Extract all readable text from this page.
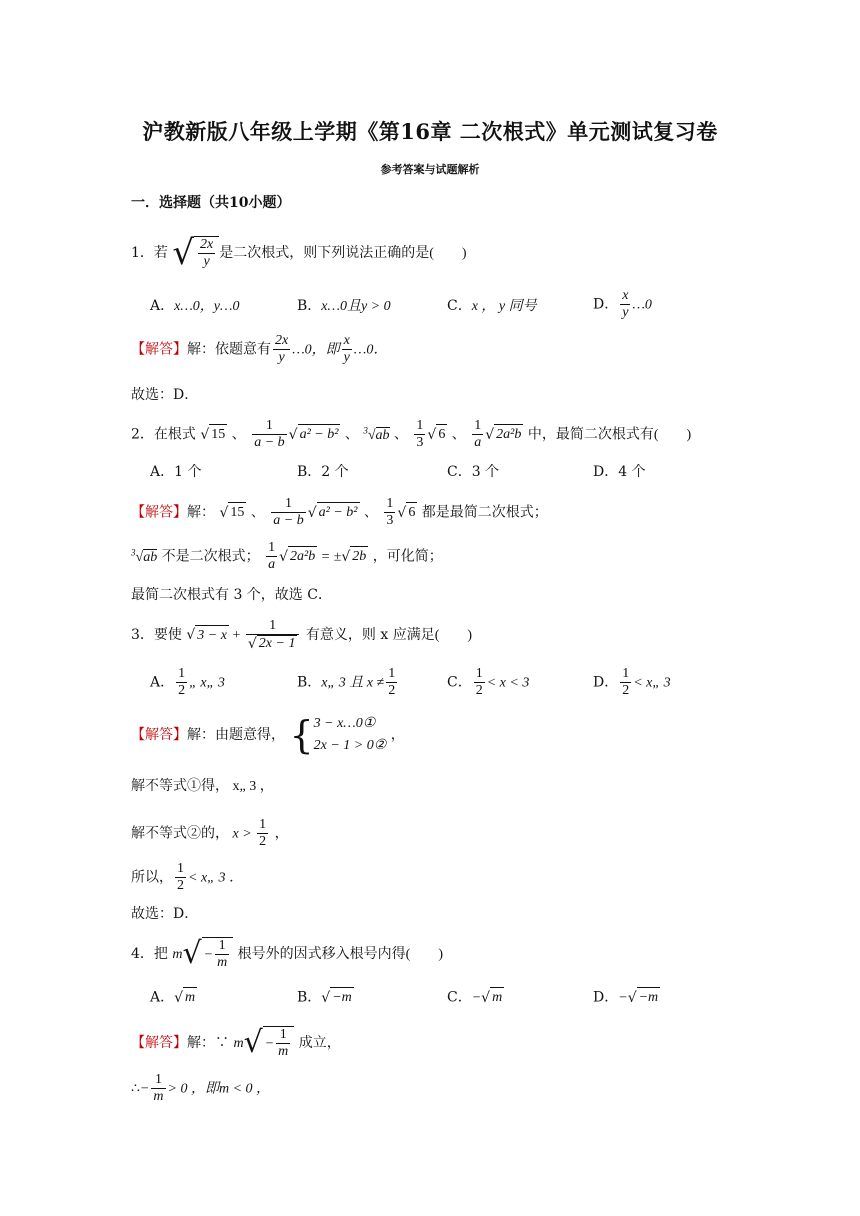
沪教新版八年级上学期《第16章 二次根式》单元测试复习卷
参考答案与试题解析
一．选择题（共10小题）
1．若 √ $\frac{2x}{y}$ 是二次根式，则下列说法正确的是(　　)
A．x…0，y…0	B．x…0且y > 0	C．x ， y 同号	D． $\frac{x}{y}$ …0
【解答】解：依题意有 $\frac{2x}{y}$ …0，即 $\frac{x}{y}$ …0．
故选：D．
2．在根式 √ 15 、 $\frac{1}{a - b}$ √ a² − b² 、 $^3$√ab 、 $\frac{1}{3}$ √ 6 、 $\frac{1}{a}$ √ 2a²b 中，最简二次根式有(　　)
A．1 个	B．2 个	C．3 个	D．4 个
【解答】解： √ 15 、 $\frac{1}{a - b}$ √ a² − b² 、 $\frac{1}{3}$ √ 6 都是最简二次根式；
$^3$√ab 不是二次根式； $\frac{1}{a}$ √ 2a²b = ±√ 2b ，可化简；
最简二次根式有 3 个，故选 C．
3．要使 √ $3 - x + \frac{1}{√ 2x - 1}$ 有意义，则 x 应满足(　　)
A． $\frac{1}{2}$ „ x„ 3	B．x„ 3 且 $x \ne \frac{1}{2}$	C． $\frac{1}{2} < x < 3$	D． $\frac{1}{2}$ < x„ 3
【解答】解：由题意得， { 3 − x…0①
2x − 1 > 0②
，
解不等式①得， x„ 3 ，
解不等式②的， $x > \frac{1}{2}$ ，
所以， $\frac{1}{2}$ < x„ 3 ．
故选：D．
4．把 $m√ - \frac{1}{m}$ 根号外的因式移入根号内得(　　)
A．√ m	B．√ −m	C．−√ m	D．−√ −m
【解答】解：∵ $m√ - \frac{1}{m}$ 成立，
∴− $\frac{1}{m} > 0$ ，即m < 0 ，
